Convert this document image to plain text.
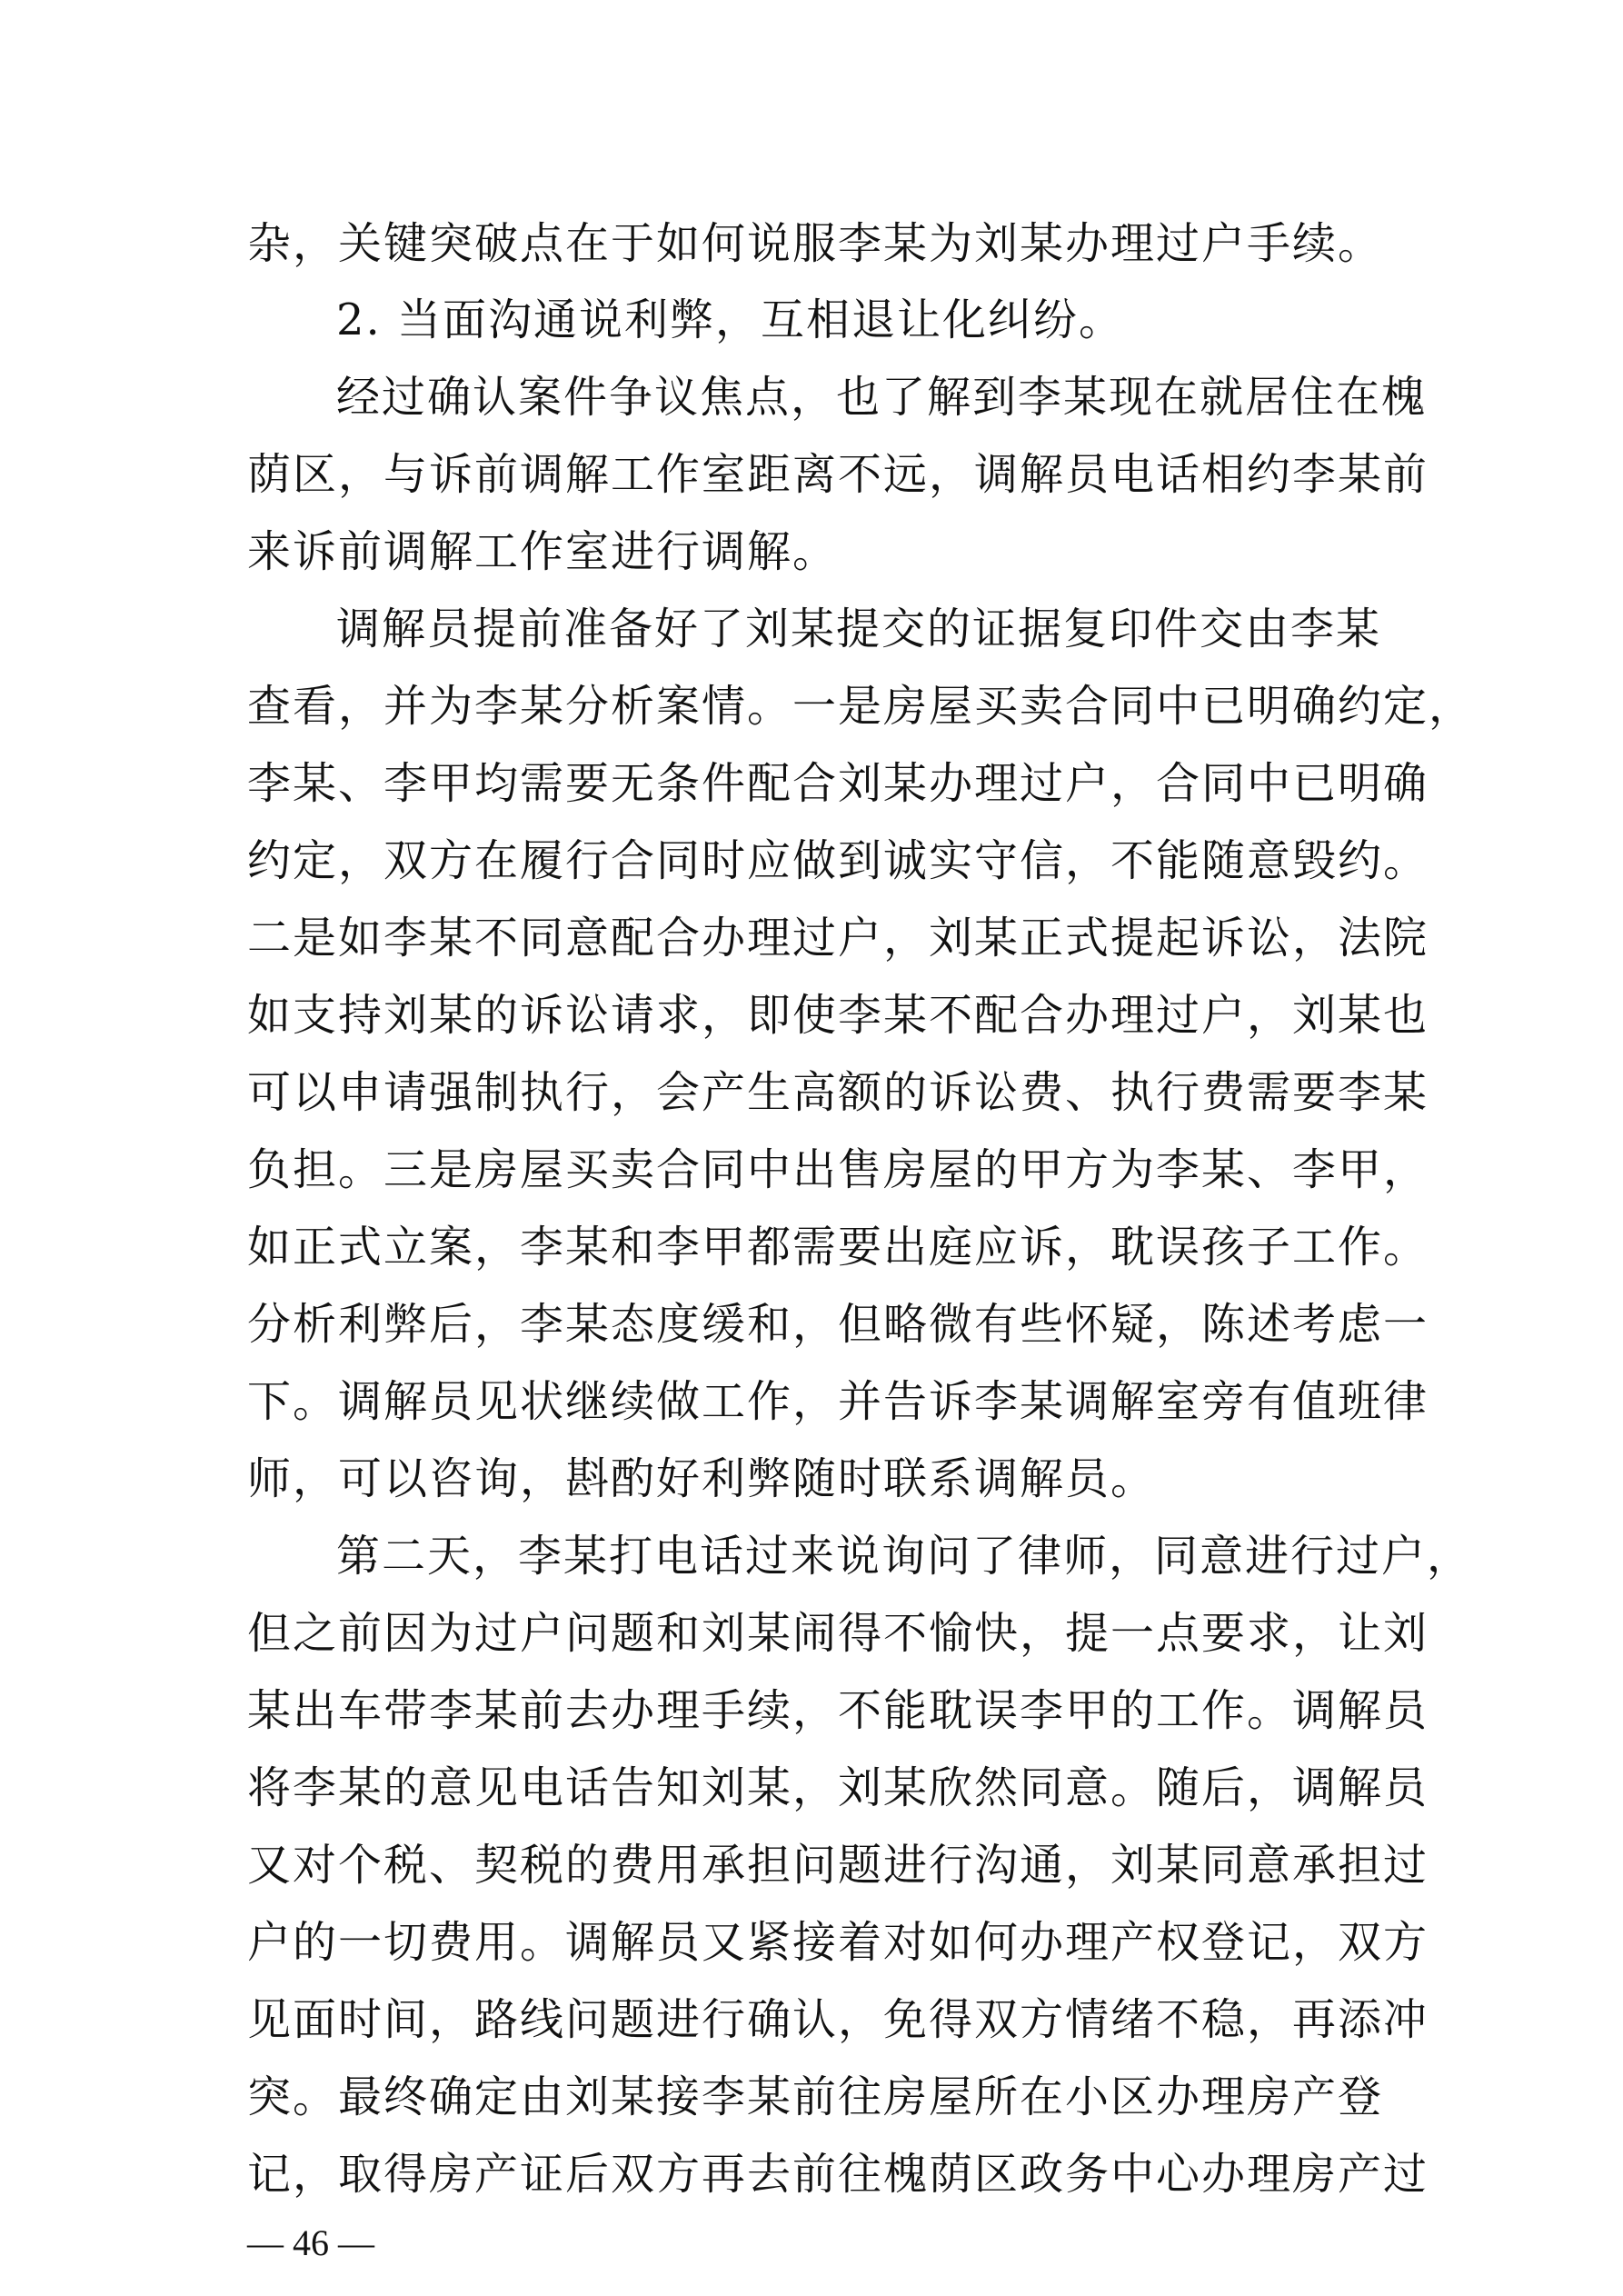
杂，关键突破点在于如何说服李某为刘某办理过户手续。
2. 当面沟通说利弊，互相退让化纠纷。
经过确认案件争议焦点，也了解到李某现在就居住在槐
荫区，与诉前调解工作室距离不远，调解员电话相约李某前
来诉前调解工作室进行调解。
调解员提前准备好了刘某提交的证据复印件交由李某
查看，并为李某分析案情。一是房屋买卖合同中已明确约定，
李某、李甲均需要无条件配合刘某办理过户，合同中已明确
约定，双方在履行合同时应做到诚实守信，不能随意毁约。
二是如李某不同意配合办理过户，刘某正式提起诉讼，法院
如支持刘某的诉讼请求，即使李某不配合办理过户，刘某也
可以申请强制执行，会产生高额的诉讼费、执行费需要李某
负担。三是房屋买卖合同中出售房屋的甲方为李某、李甲，
如正式立案，李某和李甲都需要出庭应诉，耽误孩子工作。
分析利弊后，李某态度缓和，但略微有些怀疑，陈述考虑一
下。调解员见状继续做工作，并告诉李某调解室旁有值班律
师，可以咨询，斟酌好利弊随时联系调解员。
第二天，李某打电话过来说询问了律师，同意进行过户，
但之前因为过户问题和刘某闹得不愉快，提一点要求，让刘
某出车带李某前去办理手续，不能耽误李甲的工作。调解员
将李某的意见电话告知刘某，刘某欣然同意。随后，调解员
又对个税、契税的费用承担问题进行沟通，刘某同意承担过
户的一切费用。调解员又紧接着对如何办理产权登记，双方
见面时间，路线问题进行确认，免得双方情绪不稳，再添冲
突。最终确定由刘某接李某前往房屋所在小区办理房产登
记，取得房产证后双方再去前往槐荫区政务中心办理房产过
— 46 —
